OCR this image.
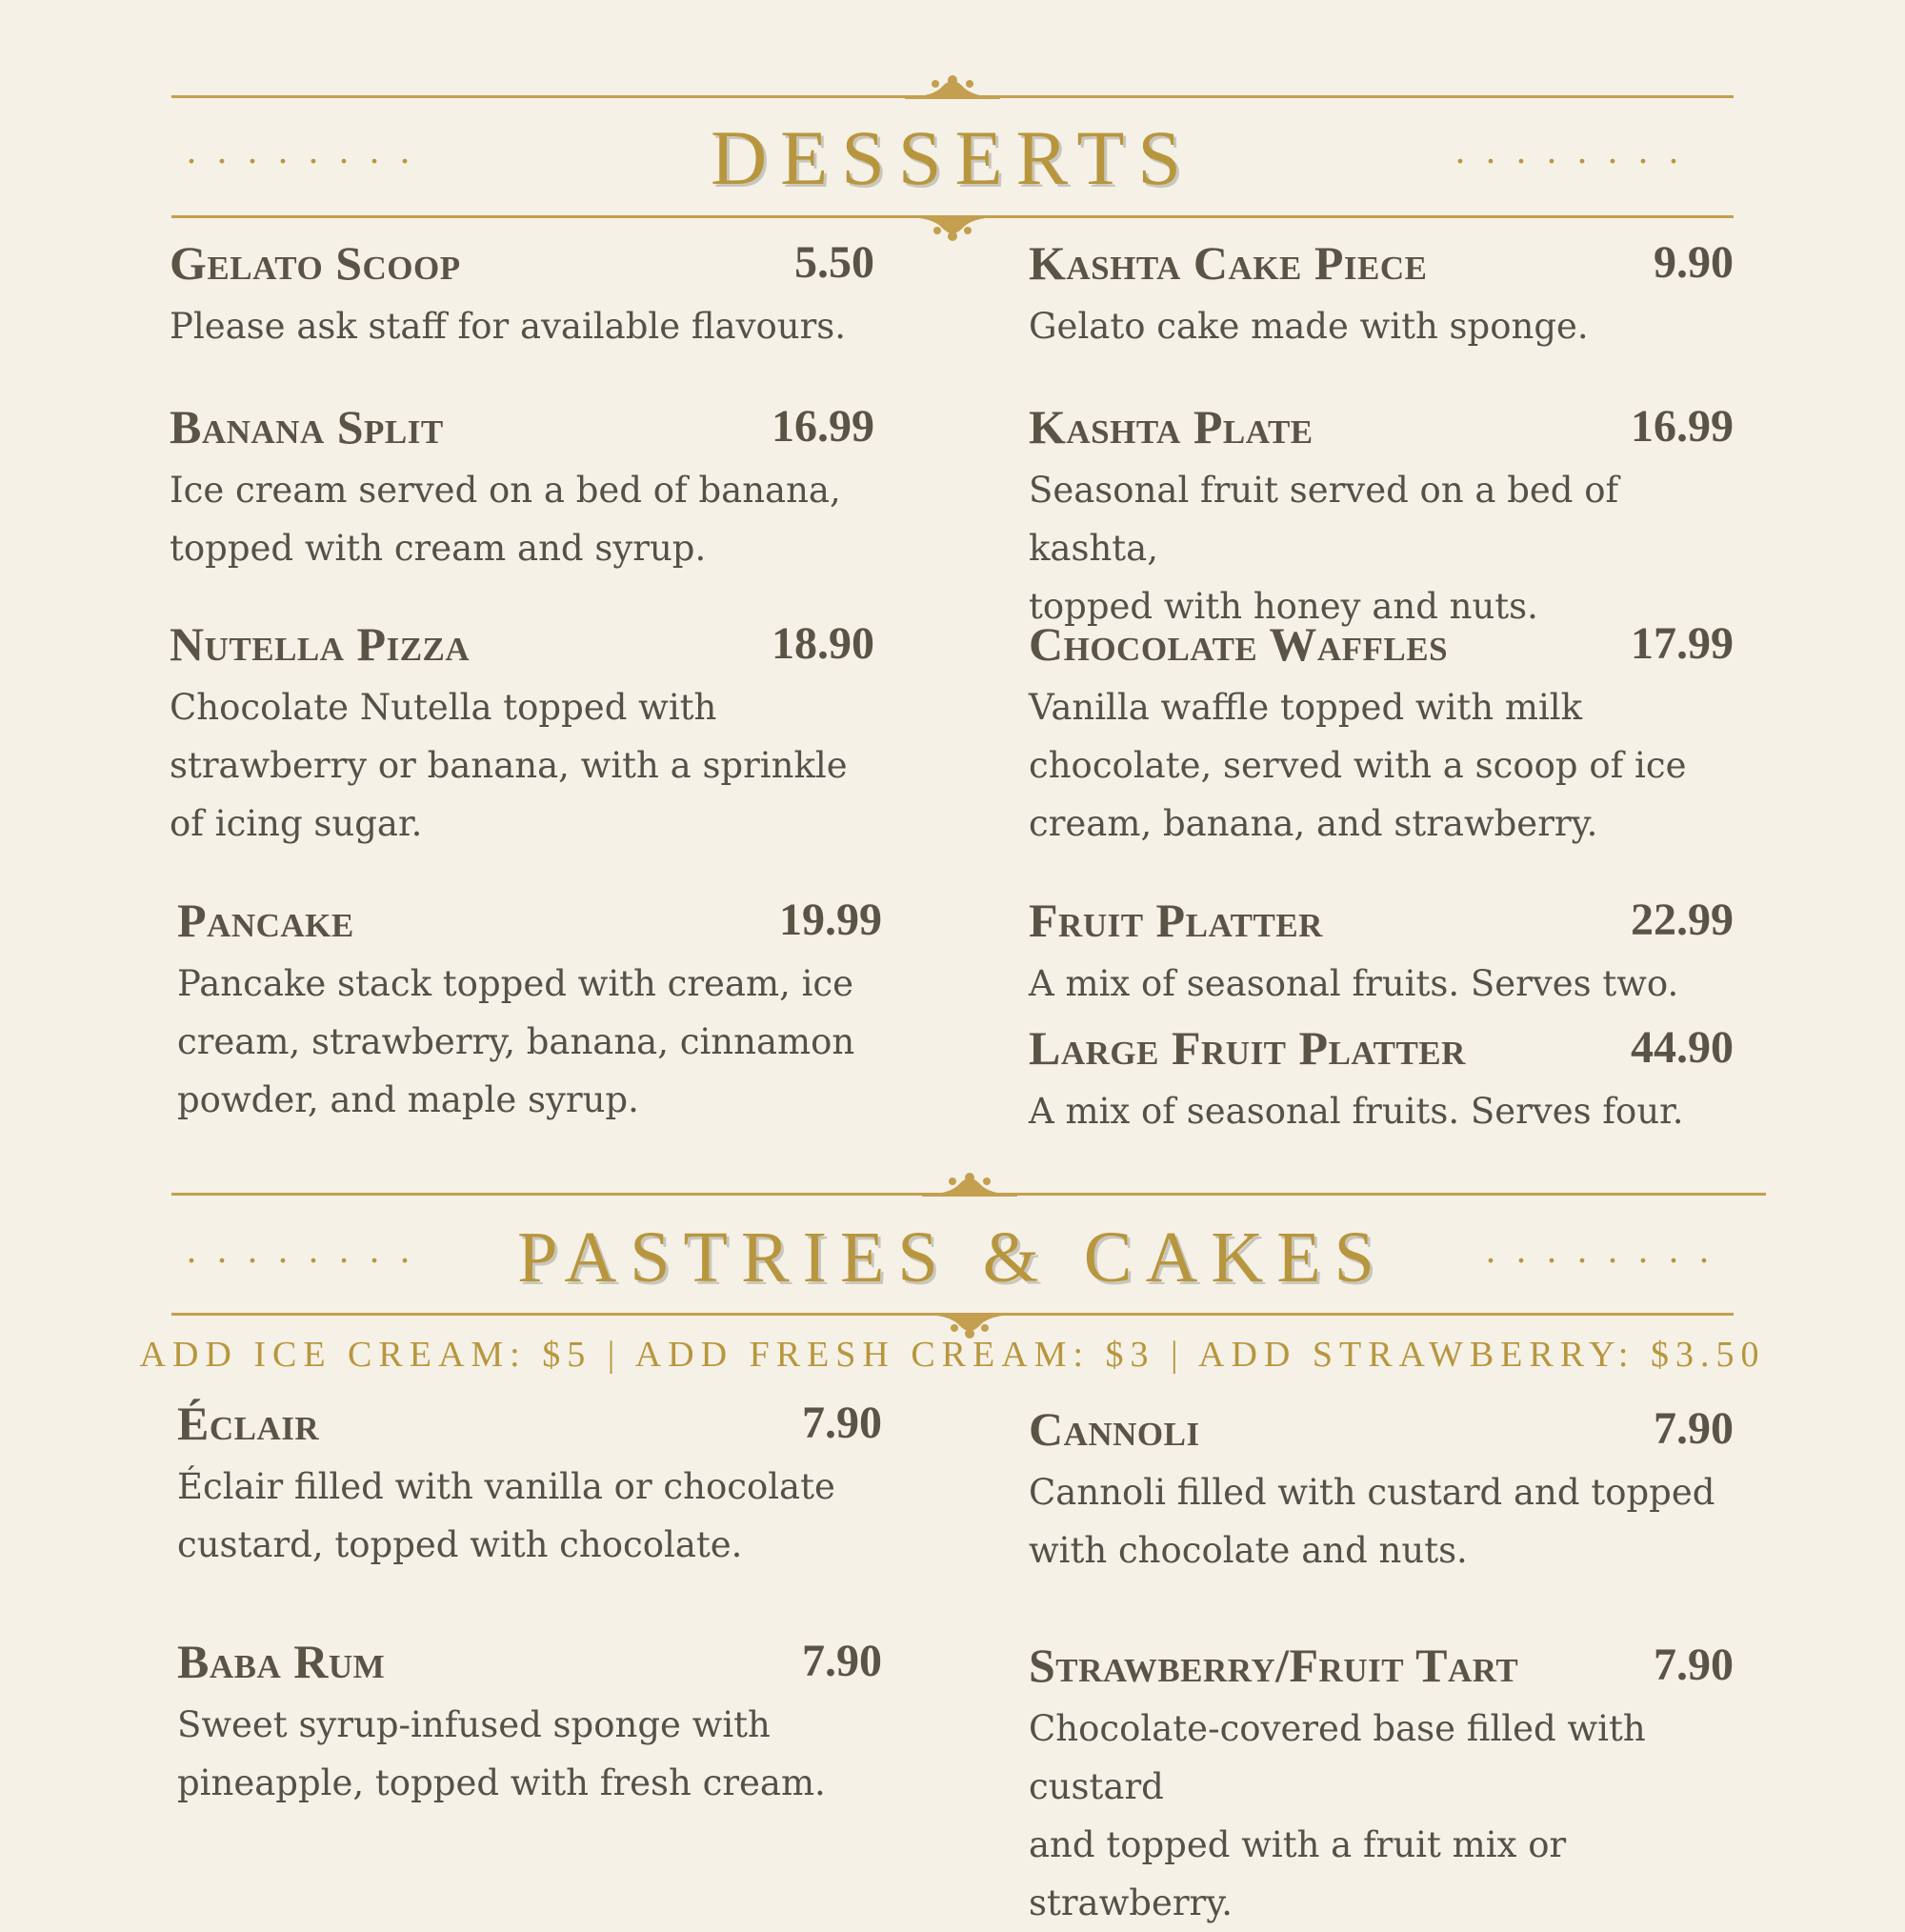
........	DESSERTS	........
Gelato Scoop	5.50
Please ask staff for available flavours.
Kashta Cake Piece	9.90
Gelato cake made with sponge.
Banana Split	16.99
Ice cream served on a bed of banana,
topped with cream and syrup.
Kashta Plate	16.99
Seasonal fruit served on a bed of kashta,
topped with honey and nuts.
Nutella Pizza	18.90
Chocolate Nutella topped with
strawberry or banana, with a sprinkle
of icing sugar.
Chocolate Waffles	17.99
Vanilla waffle topped with milk
chocolate, served with a scoop of ice
cream, banana, and strawberry.
Pancake	19.99
Pancake stack topped with cream, ice
cream, strawberry, banana, cinnamon
powder, and maple syrup.
Fruit Platter	22.99
A mix of seasonal fruits. Serves two.
Large Fruit Platter	44.90
A mix of seasonal fruits. Serves four.
........	PASTRIES & CAKES	........
ADD ICE CREAM: $5 | ADD FRESH CREAM: $3 | ADD STRAWBERRY: $3.50
Éclair	7.90
Éclair filled with vanilla or chocolate
custard, topped with chocolate.
Cannoli	7.90
Cannoli filled with custard and topped
with chocolate and nuts.
Baba Rum	7.90
Sweet syrup-infused sponge with
pineapple, topped with fresh cream.
Strawberry/Fruit Tart	7.90
Chocolate-covered base filled with custard
and topped with a fruit mix or strawberry.
